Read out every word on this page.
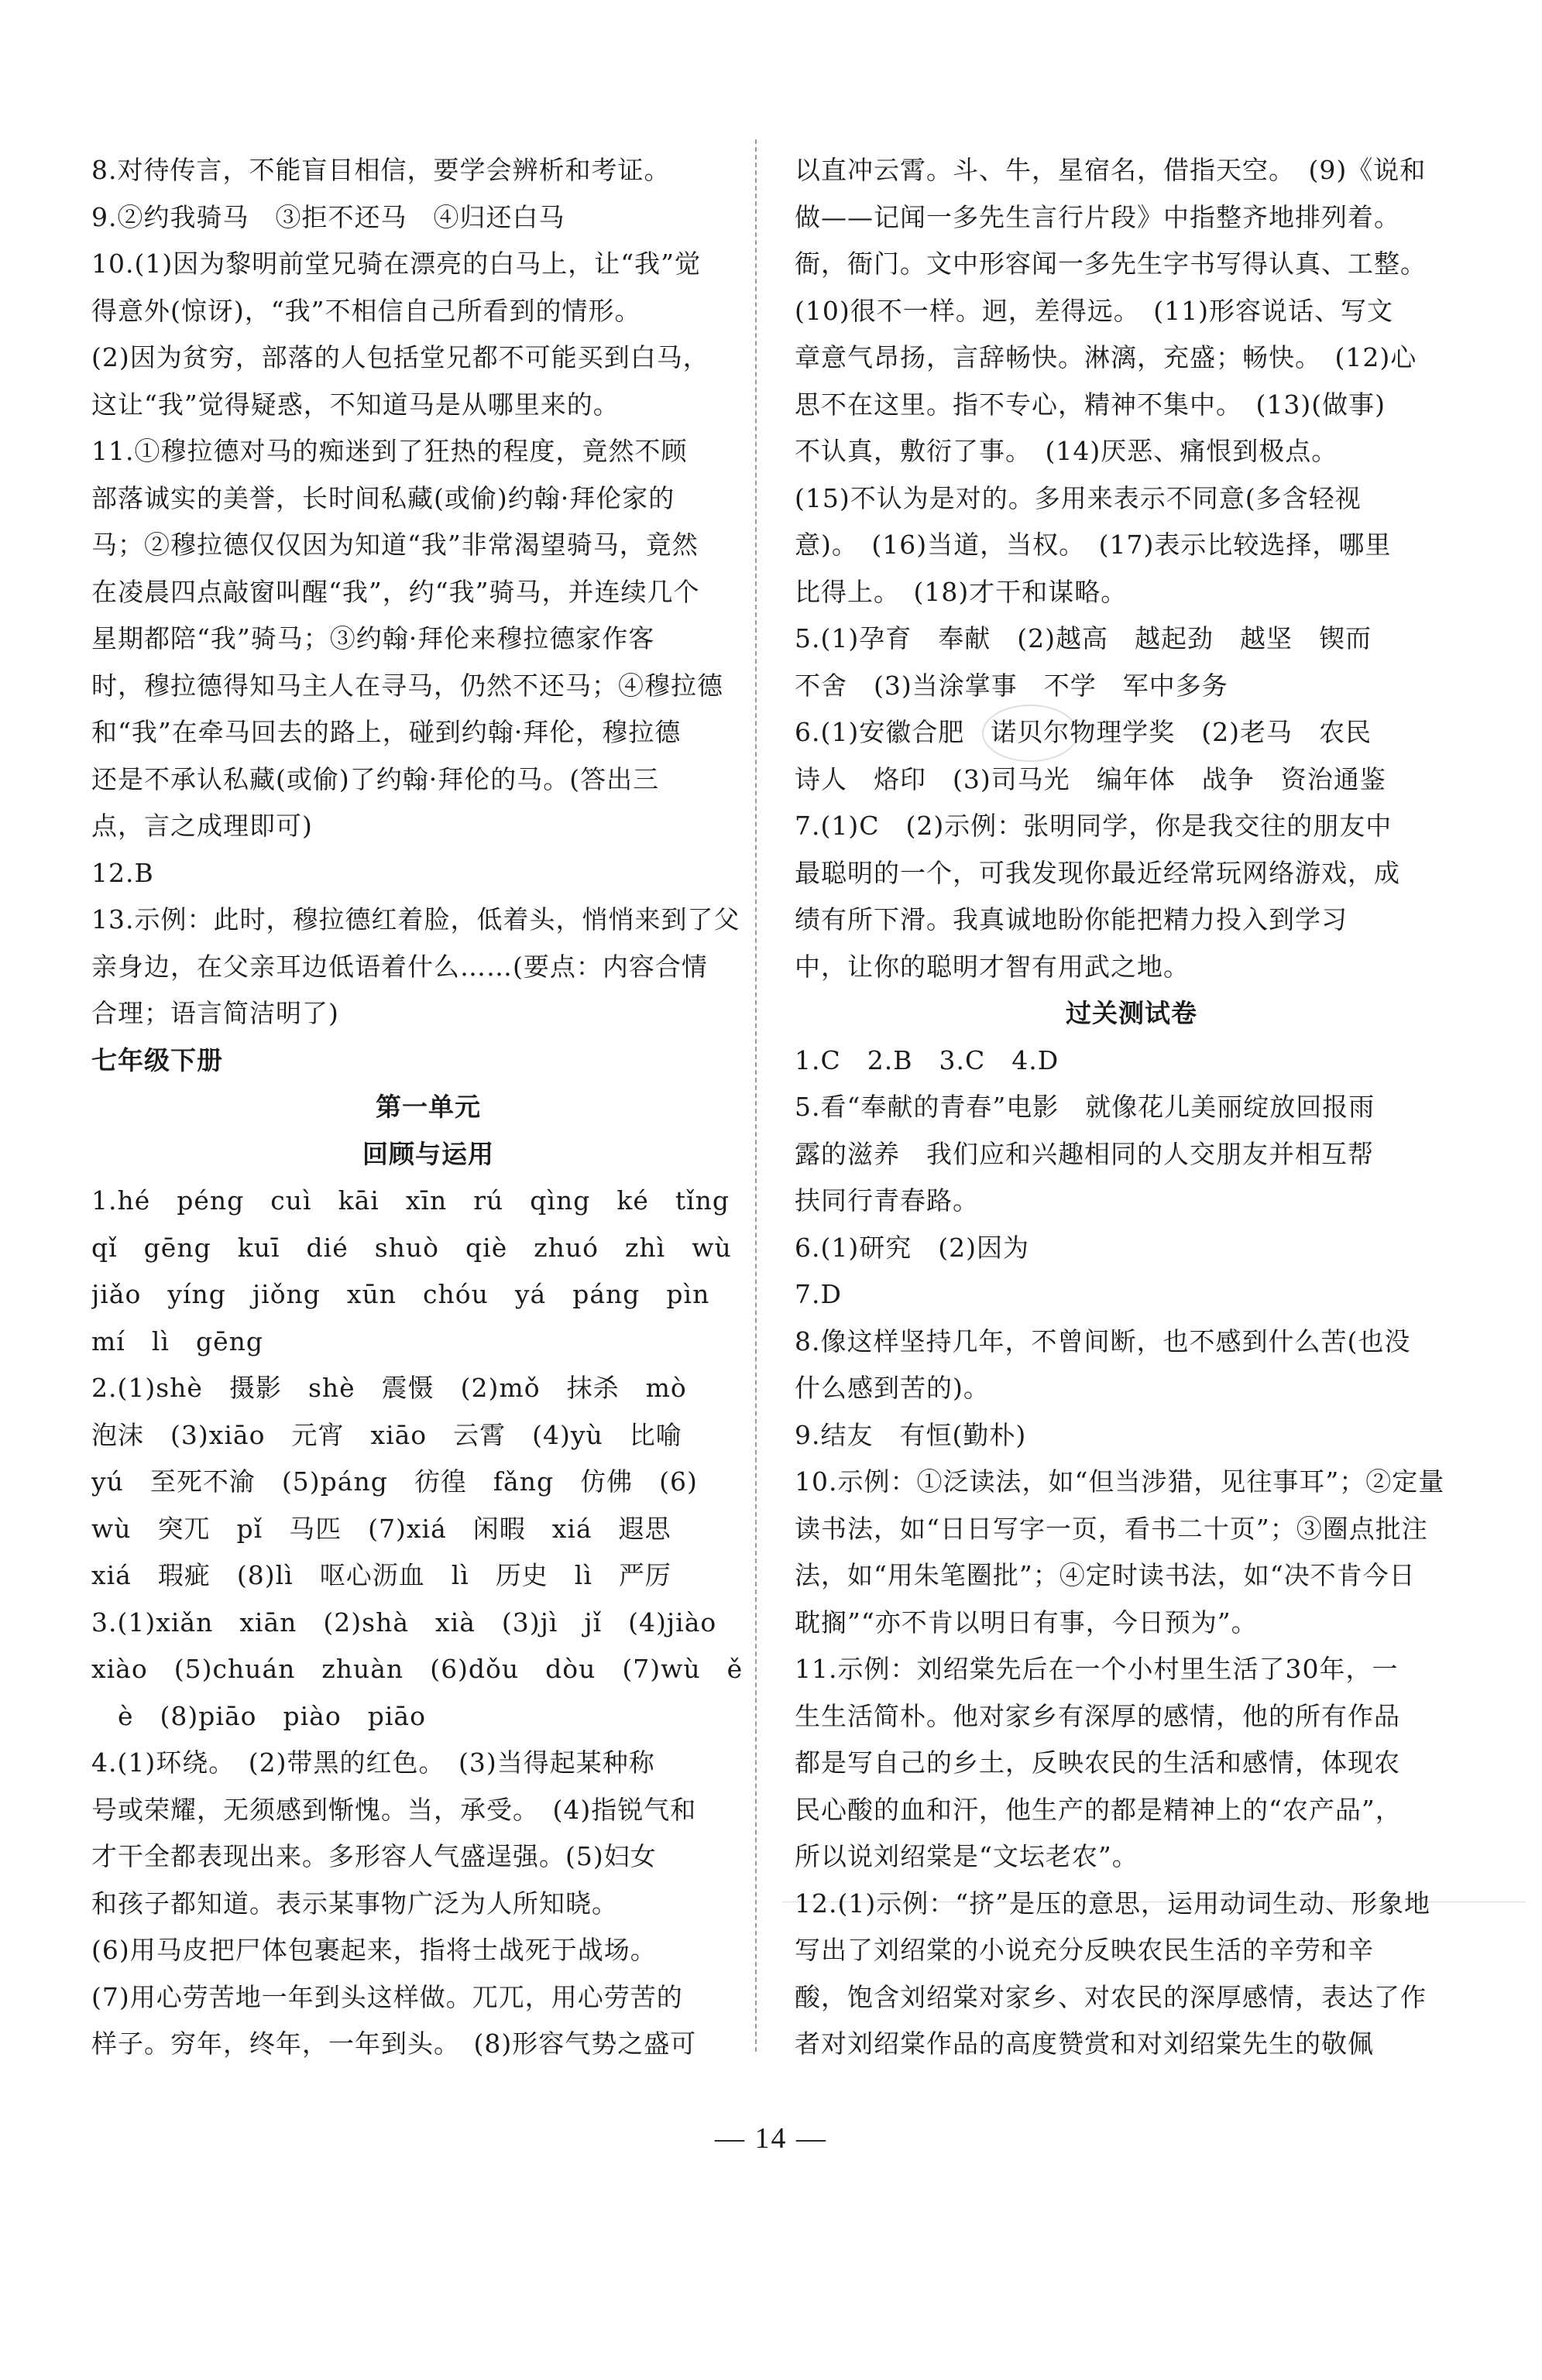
8.对待传言，不能盲目相信，要学会辨析和考证。
9.②约我骑马　③拒不还马　④归还白马
10.(1)因为黎明前堂兄骑在漂亮的白马上，让“我”觉
得意外(惊讶)，“我”不相信自己所看到的情形。
(2)因为贫穷，部落的人包括堂兄都不可能买到白马，
这让“我”觉得疑惑，不知道马是从哪里来的。
11.①穆拉德对马的痴迷到了狂热的程度，竟然不顾
部落诚实的美誉，长时间私藏(或偷)约翰·拜伦家的
马；②穆拉德仅仅因为知道“我”非常渴望骑马，竟然
在凌晨四点敲窗叫醒“我”，约“我”骑马，并连续几个
星期都陪“我”骑马；③约翰·拜伦来穆拉德家作客
时，穆拉德得知马主人在寻马，仍然不还马；④穆拉德
和“我”在牵马回去的路上，碰到约翰·拜伦，穆拉德
还是不承认私藏(或偷)了约翰·拜伦的马。(答出三
点，言之成理即可)
12.B
13.示例：此时，穆拉德红着脸，低着头，悄悄来到了父
亲身边，在父亲耳边低语着什么……(要点：内容合情
合理；语言简洁明了)
七年级下册
第一单元
回顾与运用
1.hé　péng　cuì　kāi　xīn　rú　qìng　ké　tǐng
qǐ　gēng　kuī　dié　shuò　qiè　zhuó　zhì　wù
jiǎo　yíng　jiǒng　xūn　chóu　yá　páng　pìn
mí　lì　gēng
2.(1)shè　摄影　shè　震慑　(2)mǒ　抹杀　mò
泡沫　(3)xiāo　元宵　xiāo　云霄　(4)yù　比喻
yú　至死不渝　(5)páng　彷徨　fǎng　仿佛　(6)
wù　突兀　pǐ　马匹　(7)xiá　闲暇　xiá　遐思
xiá　瑕疵　(8)lì　呕心沥血　lì　历史　lì　严厉
3.(1)xiǎn　xiān　(2)shà　xià　(3)jì　jǐ　(4)jiào
xiào　(5)chuán　zhuàn　(6)dǒu　dòu　(7)wù　ě
　è　(8)piāo　piào　piāo
4.(1)环绕。　(2)带黑的红色。　(3)当得起某种称
号或荣耀，无须感到惭愧。当，承受。　(4)指锐气和
才干全都表现出来。多形容人气盛逞强。(5)妇女
和孩子都知道。表示某事物广泛为人所知晓。
(6)用马皮把尸体包裹起来，指将士战死于战场。
(7)用心劳苦地一年到头这样做。兀兀，用心劳苦的
样子。穷年，终年，一年到头。　(8)形容气势之盛可
以直冲云霄。斗、牛，星宿名，借指天空。　(9)《说和
做——记闻一多先生言行片段》中指整齐地排列着。
衙，衙门。文中形容闻一多先生字书写得认真、工整。
(10)很不一样。迥，差得远。　(11)形容说话、写文
章意气昂扬，言辞畅快。淋漓，充盛；畅快。　(12)心
思不在这里。指不专心，精神不集中。　(13)(做事)
不认真，敷衍了事。　(14)厌恶、痛恨到极点。
(15)不认为是对的。多用来表示不同意(多含轻视
意)。　(16)当道，当权。　(17)表示比较选择，哪里
比得上。　(18)才干和谋略。
5.(1)孕育　奉献　(2)越高　越起劲　越坚　锲而
不舍　(3)当涂掌事　不学　军中多务
6.(1)安徽合肥　诺贝尔物理学奖　(2)老马　农民
诗人　烙印　(3)司马光　编年体　战争　资治通鉴
7.(1)C　(2)示例：张明同学，你是我交往的朋友中
最聪明的一个，可我发现你最近经常玩网络游戏，成
绩有所下滑。我真诚地盼你能把精力投入到学习
中，让你的聪明才智有用武之地。
过关测试卷
1.C　2.B　3.C　4.D
5.看“奉献的青春”电影　就像花儿美丽绽放回报雨
露的滋养　我们应和兴趣相同的人交朋友并相互帮
扶同行青春路。
6.(1)研究　(2)因为
7.D
8.像这样坚持几年，不曾间断，也不感到什么苦(也没
什么感到苦的)。
9.结友　有恒(勤朴)
10.示例：①泛读法，如“但当涉猎，见往事耳”；②定量
读书法，如“日日写字一页，看书二十页”；③圈点批注
法，如“用朱笔圈批”；④定时读书法，如“决不肯今日
耽搁”“亦不肯以明日有事，今日预为”。
11.示例：刘绍棠先后在一个小村里生活了30年，一
生生活简朴。他对家乡有深厚的感情，他的所有作品
都是写自己的乡土，反映农民的生活和感情，体现农
民心酸的血和汗，他生产的都是精神上的“农产品”，
所以说刘绍棠是“文坛老农”。
12.(1)示例：“挤”是压的意思，运用动词生动、形象地
写出了刘绍棠的小说充分反映农民生活的辛劳和辛
酸，饱含刘绍棠对家乡、对农民的深厚感情，表达了作
者对刘绍棠作品的高度赞赏和对刘绍棠先生的敬佩
— 14 —
